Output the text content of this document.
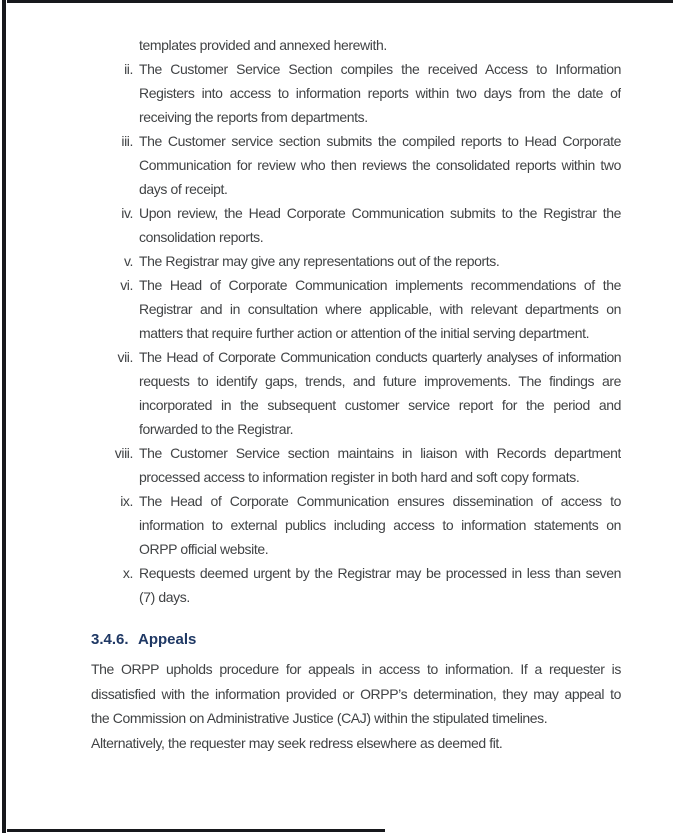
templates provided and annexed herewith.
ii. The Customer Service Section compiles the received Access to Information
Registers into access to information reports within two days from the date of
receiving the reports from departments.
iii. The Customer service section submits the compiled reports to Head Corporate
Communication for review who then reviews the consolidated reports within two
days of receipt.
iv. Upon review, the Head Corporate Communication submits to the Registrar the
consolidation reports.
v. The Registrar may give any representations out of the reports.
vi. The Head of Corporate Communication implements recommendations of the
Registrar and in consultation where applicable, with relevant departments on
matters that require further action or attention of the initial serving department.
vii. The Head of Corporate Communication conducts quarterly analyses of information
requests to identify gaps, trends, and future improvements. The findings are
incorporated in the subsequent customer service report for the period and
forwarded to the Registrar.
viii. The Customer Service section maintains in liaison with Records department
processed access to information register in both hard and soft copy formats.
ix. The Head of Corporate Communication ensures dissemination of access to
information to external publics including access to information statements on
ORPP official website.
x. Requests deemed urgent by the Registrar may be processed in less than seven
(7) days.
3.4.6. Appeals
The ORPP upholds procedure for appeals in access to information. If a requester is
dissatisfied with the information provided or ORPP’s determination, they may appeal to
the Commission on Administrative Justice (CAJ) within the stipulated timelines.
Alternatively, the requester may seek redress elsewhere as deemed fit.
